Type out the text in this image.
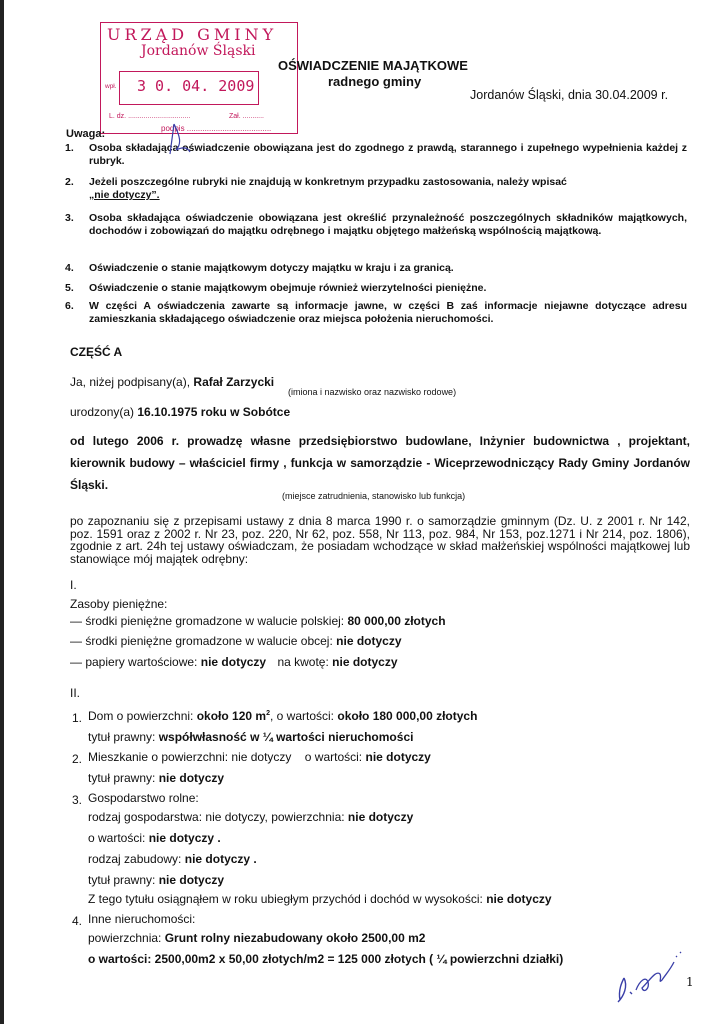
URZĄD GMINY
Jordanów Śląski
wpł. 3 0. 04. 2009
L. dz. ................................	Zał. ...........
podpis ......................................
OŚWIADCZENIE MAJĄTKOWE
radnego gminy
Jordanów Śląski, dnia 30.04.2009 r.
Uwaga:
1. Osoba składająca oświadczenie obowiązana jest do zgodnego z prawdą, starannego i zupełnego wypełnienia każdej z rubryk.
2. Jeżeli poszczególne rubryki nie znajdują w konkretnym przypadku zastosowania, należy wpisać
„nie dotyczy”.
3. Osoba składająca oświadczenie obowiązana jest określić przynależność poszczególnych składników majątkowych, dochodów i zobowiązań do majątku odrębnego i majątku objętego małżeńską wspólnością majątkową.
4. Oświadczenie o stanie majątkowym dotyczy majątku w kraju i za granicą.
5. Oświadczenie o stanie majątkowym obejmuje również wierzytelności pieniężne.
6. W części A oświadczenia zawarte są informacje jawne, w części B zaś informacje niejawne dotyczące adresu zamieszkania składającego oświadczenie oraz miejsca położenia nieruchomości.
CZĘŚĆ A
Ja, niżej podpisany(a), Rafał Zarzycki
(imiona i nazwisko oraz nazwisko rodowe)
urodzony(a) 16.10.1975 roku w Sobótce
od lutego 2006 r. prowadzę własne przedsiębiorstwo budowlane, Inżynier budownictwa , projektant, kierownik budowy – właściciel firmy , funkcja w samorządzie - Wiceprzewodniczący Rady Gminy Jordanów Śląski.
(miejsce zatrudnienia, stanowisko lub funkcja)
po zapoznaniu się z przepisami ustawy z dnia 8 marca 1990 r. o samorządzie gminnym (Dz. U. z 2001 r. Nr 142, poz. 1591 oraz z 2002 r. Nr 23, poz. 220, Nr 62, poz. 558, Nr 113, poz. 984, Nr 153, poz.1271 i Nr 214, poz. 1806), zgodnie z art. 24h tej ustawy oświadczam, że posiadam wchodzące w skład małżeńskiej wspólności majątkowej lub stanowiące mój majątek odrębny:
I.
Zasoby pieniężne:
— środki pieniężne gromadzone w walucie polskiej: 80 000,00 złotych
— środki pieniężne gromadzone w walucie obcej: nie dotyczy
— papiery wartościowe: nie dotyczy na kwotę: nie dotyczy
II.
1. Dom o powierzchni: około 120 $m^2$, o wartości: około 180 000,00 złotych
tytuł prawny: współwłasność w ¼ wartości nieruchomości
2. Mieszkanie o powierzchni: nie dotyczy o wartości: nie dotyczy
tytuł prawny: nie dotyczy
3. Gospodarstwo rolne:
rodzaj gospodarstwa: nie dotyczy, powierzchnia: nie dotyczy
o wartości: nie dotyczy .
rodzaj zabudowy: nie dotyczy .
tytuł prawny: nie dotyczy
Z tego tytułu osiągnąłem w roku ubiegłym przychód i dochód w wysokości: nie dotyczy
4. Inne nieruchomości:
powierzchnia: Grunt rolny niezabudowany około 2500,00 m2
o wartości: 2500,00m2 x 50,00 złotych/m2 = 125 000 złotych ( ¼ powierzchni działki)
1
